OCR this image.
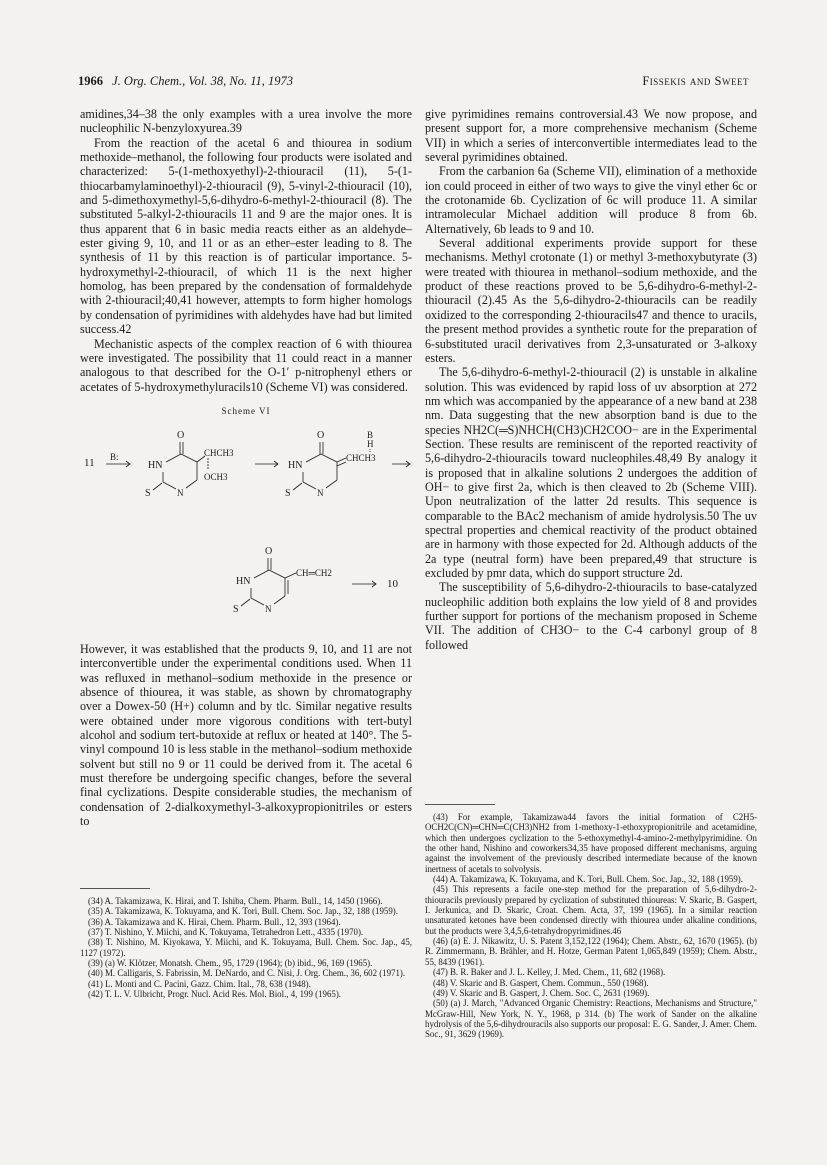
1966 J. Org. Chem., Vol. 38, No. 11, 1973	Fissekis and Sweet

amidines,34–38 the only examples with a urea involve the more nucleophilic N-benzyloxyurea.39

From the reaction of the acetal 6 and thiourea in sodium methoxide–methanol, the following four products were isolated and characterized: 5-(1-methoxyethyl)-2-thiouracil (11), 5-(1-thiocarbamylaminoethyl)-2-thiouracil (9), 5-vinyl-2-thiouracil (10), and 5-dimethoxymethyl-5,6-dihydro-6-methyl-2-thiouracil (8). The substituted 5-alkyl-2-thiouracils 11 and 9 are the major ones. It is thus apparent that 6 in basic media reacts either as an aldehyde–ester giving 9, 10, and 11 or as an ether–ester leading to 8. The synthesis of 11 by this reaction is of particular importance. 5-hydroxymethyl-2-thiouracil, of which 11 is the next higher homolog, has been prepared by the condensation of formaldehyde with 2-thiouracil;40,41 however, attempts to form higher homologs by condensation of pyrimidines with aldehydes have had but limited success.42

Mechanistic aspects of the complex reaction of 6 with thiourea were investigated. The possibility that 11 could react in a manner analogous to that described for the O-1′ p-nitrophenyl ethers or acetates of 5-hydroxymethyluracils10 (Scheme VI) was considered.

Scheme VI
11 B:
O
HN
N
S
CHCH3
OCH3
O
HN
N
S
CHCH3
B
H
O
HN
N
S
CH═CH2
10

However, it was established that the products 9, 10, and 11 are not interconvertible under the experimental conditions used. When 11 was refluxed in methanol–sodium methoxide in the presence or absence of thiourea, it was stable, as shown by chromatography over a Dowex-50 (H+) column and by tlc. Similar negative results were obtained under more vigorous conditions with tert-butyl alcohol and sodium tert-butoxide at reflux or heated at 140°. The 5-vinyl compound 10 is less stable in the methanol–sodium methoxide solvent but still no 9 or 11 could be derived from it. The acetal 6 must therefore be undergoing specific changes, before the several final cyclizations. Despite considerable studies, the mechanism of condensation of 2-dialkoxymethyl-3-alkoxypropionitriles or esters to

give pyrimidines remains controversial.43 We now propose, and present support for, a more comprehensive mechanism (Scheme VII) in which a series of interconvertible intermediates lead to the several pyrimidines obtained.

From the carbanion 6a (Scheme VII), elimination of a methoxide ion could proceed in either of two ways to give the vinyl ether 6c or the crotonamide 6b. Cyclization of 6c will produce 11. A similar intramolecular Michael addition will produce 8 from 6b. Alternatively, 6b leads to 9 and 10.

Several additional experiments provide support for these mechanisms. Methyl crotonate (1) or methyl 3-methoxybutyrate (3) were treated with thiourea in methanol–sodium methoxide, and the product of these reactions proved to be 5,6-dihydro-6-methyl-2-thiouracil (2).45 As the 5,6-dihydro-2-thiouracils can be readily oxidized to the corresponding 2-thiouracils47 and thence to uracils, the present method provides a synthetic route for the preparation of 6-substituted uracil derivatives from 2,3-unsaturated or 3-alkoxy esters.

The 5,6-dihydro-6-methyl-2-thiouracil (2) is unstable in alkaline solution. This was evidenced by rapid loss of uv absorption at 272 nm which was accompanied by the appearance of a new band at 238 nm. Data suggesting that the new absorption band is due to the species NH2C(═S)NHCH(CH3)CH2COO− are in the Experimental Section. These results are reminiscent of the reported reactivity of 5,6-dihydro-2-thiouracils toward nucleophiles.48,49 By analogy it is proposed that in alkaline solutions 2 undergoes the addition of OH− to give first 2a, which is then cleaved to 2b (Scheme VIII). Upon neutralization of the latter 2d results. This sequence is comparable to the BAc2 mechanism of amide hydrolysis.50 The uv spectral properties and chemical reactivity of the product obtained are in harmony with those expected for 2d. Although adducts of the 2a type (neutral form) have been prepared,49 that structure is excluded by pmr data, which do support structure 2d.

The susceptibility of 5,6-dihydro-2-thiouracils to base-catalyzed nucleophilic addition both explains the low yield of 8 and provides further support for portions of the mechanism proposed in Scheme VII. The addition of CH3O− to the C-4 carbonyl group of 8 followed

(34) A. Takamizawa, K. Hirai, and T. Ishiba, Chem. Pharm. Bull., 14, 1450 (1966).

(35) A. Takamizawa, K. Tokuyama, and K. Tori, Bull. Chem. Soc. Jap., 32, 188 (1959).

(36) A. Takamizawa and K. Hirai, Chem. Pharm. Bull., 12, 393 (1964).

(37) T. Nishino, Y. Miichi, and K. Tokuyama, Tetrahedron Lett., 4335 (1970).

(38) T. Nishino, M. Kiyokawa, Y. Miichi, and K. Tokuyama, Bull. Chem. Soc. Jap., 45, 1127 (1972).

(39) (a) W. Klötzer, Monatsh. Chem., 95, 1729 (1964); (b) ibid., 96, 169 (1965).

(40) M. Calligaris, S. Fabrissin, M. DeNardo, and C. Nisi, J. Org. Chem., 36, 602 (1971).

(41) L. Monti and C. Pacini, Gazz. Chim. Ital., 78, 638 (1948).

(42) T. L. V. Ulbricht, Progr. Nucl. Acid Res. Mol. Biol., 4, 199 (1965).

(43) For example, Takamizawa44 favors the initial formation of C2H5-OCH2C(CN)═CHN═C(CH3)NH2 from 1-methoxy-1-ethoxypropionitrile and acetamidine, which then undergoes cyclization to the 5-ethoxymethyl-4-amino-2-methylpyrimidine. On the other hand, Nishino and coworkers34,35 have proposed different mechanisms, arguing against the involvement of the previously described intermediate because of the known inertness of acetals to solvolysis.

(44) A. Takamizawa, K. Tokuyama, and K. Tori, Bull. Chem. Soc. Jap., 32, 188 (1959).

(45) This represents a facile one-step method for the preparation of 5,6-dihydro-2-thiouracils previously prepared by cyclization of substituted thioureas: V. Skaric, B. Gaspert, I. Jerkunica, and D. Skaric, Croat. Chem. Acta, 37, 199 (1965). In a similar reaction unsaturated ketones have been condensed directly with thiourea under alkaline conditions, but the products were 3,4,5,6-tetrahydropyrimidines.46

(46) (a) E. J. Nikawitz, U. S. Patent 3,152,122 (1964); Chem. Abstr., 62, 1670 (1965). (b) R. Zimmermann, B. Brähler, and H. Hotze, German Patent 1,065,849 (1959); Chem. Abstr., 55, 8439 (1961).

(47) B. R. Baker and J. L. Kelley, J. Med. Chem., 11, 682 (1968).

(48) V. Skaric and B. Gaspert, Chem. Commun., 550 (1968).

(49) V. Skaric and B. Gaspert, J. Chem. Soc. C, 2631 (1969).

(50) (a) J. March, "Advanced Organic Chemistry: Reactions, Mechanisms and Structure," McGraw-Hill, New York, N. Y., 1968, p 314. (b) The work of Sander on the alkaline hydrolysis of the 5,6-dihydrouracils also supports our proposal: E. G. Sander, J. Amer. Chem. Soc., 91, 3629 (1969).
